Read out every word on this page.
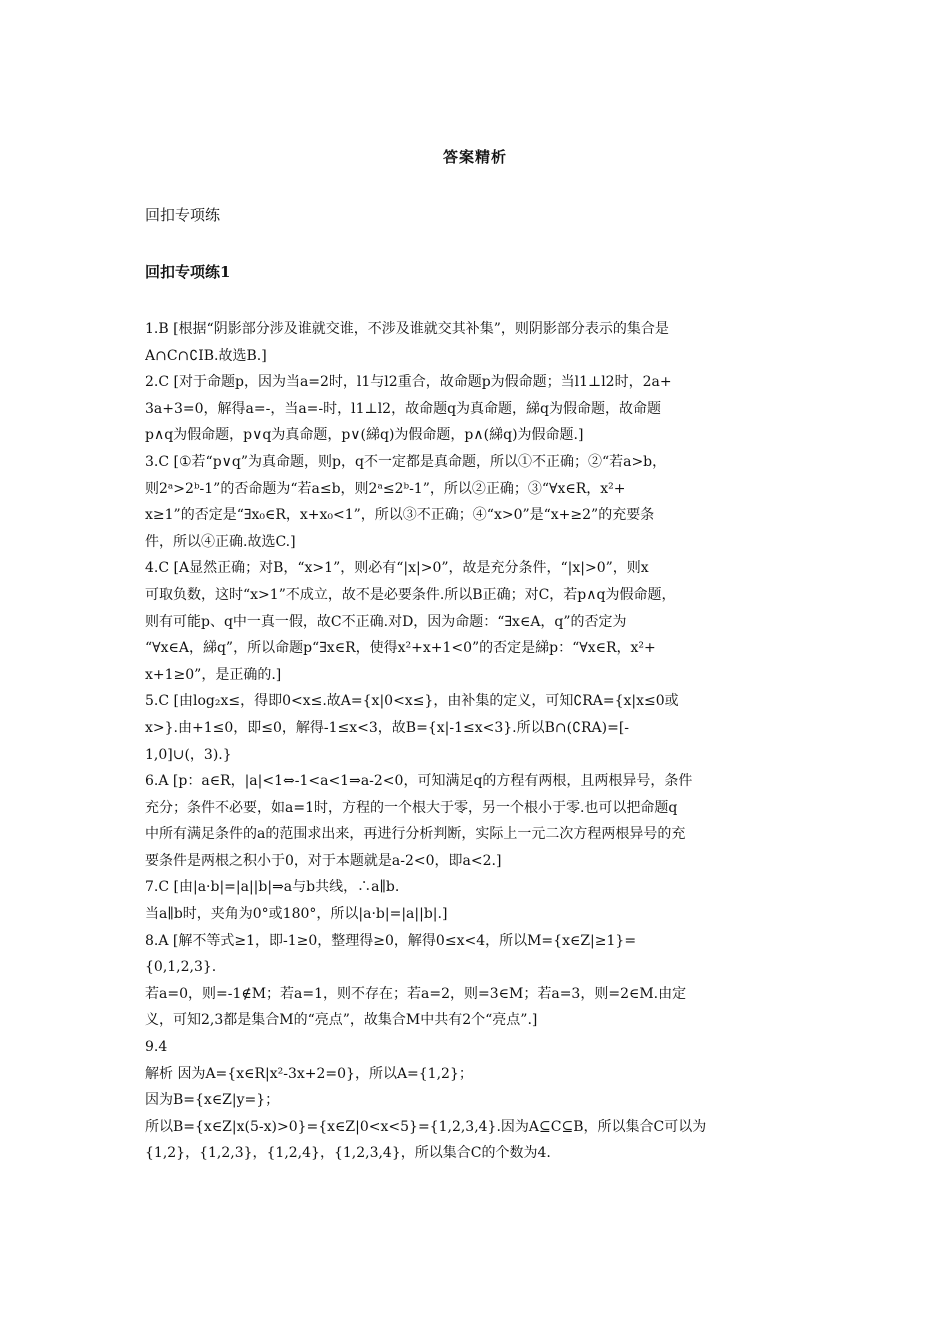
答案精析
回扣专项练
回扣专项练1
1.B [根据“阴影部分涉及谁就交谁，不涉及谁就交其补集”，则阴影部分表示的集合是
A∩C∩∁IB.故选B.]
2.C [对于命题p，因为当a=2时，l1与l2重合，故命题p为假命题；当l1⊥l2时，2a+
3a+3=0，解得a=-，当a=-时，l1⊥l2，故命题q为真命题，綈q为假命题，故命题
p∧q为假命题，p∨q为真命题，p∨(綈q)为假命题，p∧(綈q)为假命题.]
3.C [①若“p∨q”为真命题，则p，q不一定都是真命题，所以①不正确；②“若a>b，
则2ᵃ>2ᵇ-1”的否命题为“若a≤b，则2ᵃ≤2ᵇ-1”，所以②正确；③“∀x∈R，x²+
x≥1”的否定是“∃x₀∈R，x+x₀<1”，所以③不正确；④“x>0”是“x+≥2”的充要条
件，所以④正确.故选C.]
4.C [A显然正确；对B，“x>1”，则必有“|x|>0”，故是充分条件，“|x|>0”，则x
可取负数，这时“x>1”不成立，故不是必要条件.所以B正确；对C，若p∧q为假命题，
则有可能p、q中一真一假，故C不正确.对D，因为命题：“∃x∈A，q”的否定为
“∀x∈A，綈q”，所以命题p“∃x∈R，使得x²+x+1<0”的否定是綈p：“∀x∈R，x²+
x+1≥0”，是正确的.]
5.C [由log₂x≤，得即0<x≤.故A={x|0<x≤}，由补集的定义，可知∁RA={x|x≤0或
x>}.由+1≤0，即≤0，解得-1≤x<3，故B={x|-1≤x<3}.所以B∩(∁RA)=[-
1,0]∪(，3).}
6.A [p：a∈R，|a|<1⇔-1<a<1⇒a-2<0，可知满足q的方程有两根，且两根异号，条件
充分；条件不必要，如a=1时，方程的一个根大于零，另一个根小于零.也可以把命题q
中所有满足条件的a的范围求出来，再进行分析判断，实际上一元二次方程两根异号的充
要条件是两根之积小于0，对于本题就是a-2<0，即a<2.]
7.C [由|a·b|=|a||b|⇒a与b共线，∴a∥b.
当a∥b时，夹角为0°或180°，所以|a·b|=|a||b|.]
8.A [解不等式≥1，即-1≥0，整理得≥0，解得0≤x<4，所以M={x∈Z|≥1}=
{0,1,2,3}.
若a=0，则=-1∉M；若a=1，则不存在；若a=2，则=3∈M；若a=3，则=2∈M.由定
义，可知2,3都是集合M的“亮点”，故集合M中共有2个“亮点”.]
9.4
解析 因为A={x∈R|x²-3x+2=0}，所以A={1,2}；
因为B={x∈Z|y=}；
所以B={x∈Z|x(5-x)>0}={x∈Z|0<x<5}={1,2,3,4}.因为A⊆C⊆B，所以集合C可以为
{1,2}，{1,2,3}，{1,2,4}，{1,2,3,4}，所以集合C的个数为4.
